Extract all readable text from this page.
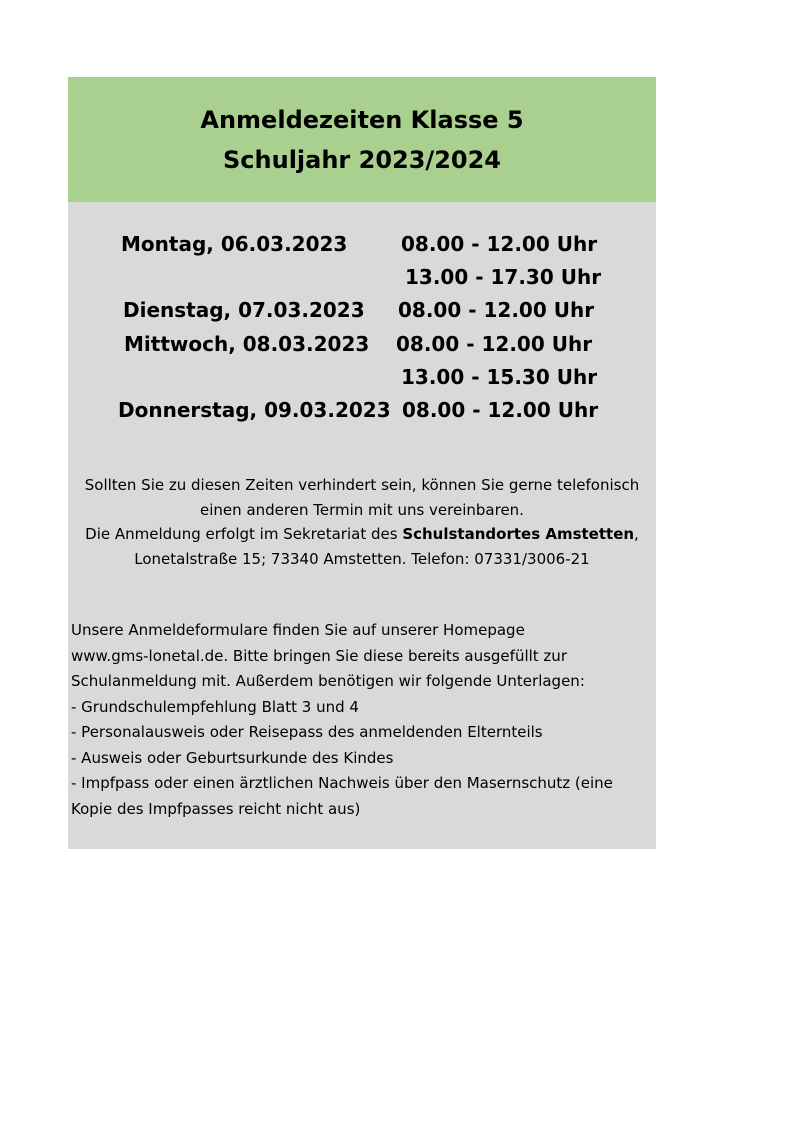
Anmeldezeiten Klasse 5
Schuljahr 2023/2024
Montag, 06.03.2023	08.00 - 12.00 Uhr
13.00 - 17.30 Uhr
Dienstag, 07.03.2023 08.00 - 12.00 Uhr
Mittwoch, 08.03.2023 08.00 - 12.00 Uhr
13.00 - 15.30 Uhr
Donnerstag, 09.03.2023 08.00 - 12.00 Uhr

Sollten Sie zu diesen Zeiten verhindert sein, können Sie gerne telefonisch

einen anderen Termin mit uns vereinbaren.

Die Anmeldung erfolgt im Sekretariat des Schulstandortes Amstetten,

Lonetalstraße 15; 73340 Amstetten. Telefon: 07331/3006-21

Unsere Anmeldeformulare finden Sie auf unserer Homepage

www.gms-lonetal.de. Bitte bringen Sie diese bereits ausgefüllt zur

Schulanmeldung mit. Außerdem benötigen wir folgende Unterlagen:

- Grundschulempfehlung Blatt 3 und 4

- Personalausweis oder Reisepass des anmeldenden Elternteils

- Ausweis oder Geburtsurkunde des Kindes

- Impfpass oder einen ärztlichen Nachweis über den Masernschutz (eine

Kopie des Impfpasses reicht nicht aus)
